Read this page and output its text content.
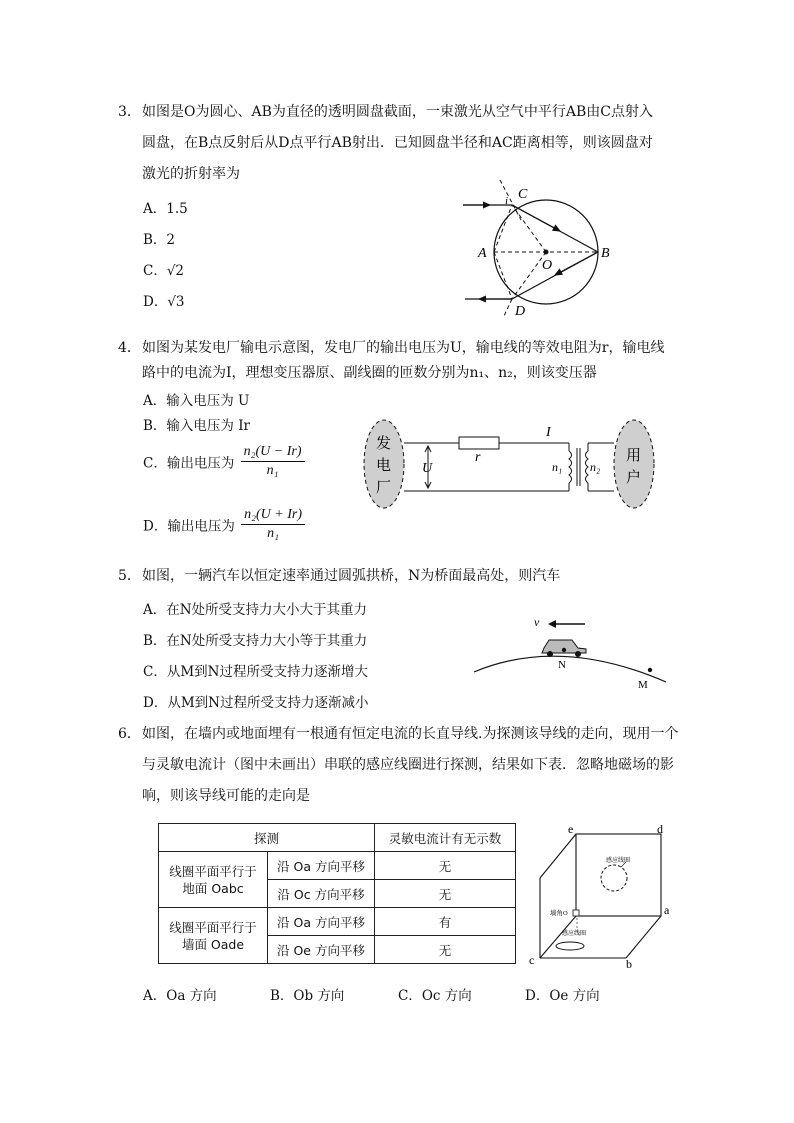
3． 如图是O为圆心、AB为直径的透明圆盘截面，一束激光从空气中平行AB由C点射入
圆盘，在B点反射后从D点平行AB射出．已知圆盘半径和AC距离相等，则该圆盘对
激光的折射率为
A．1.5
B．2
C．√2
D．√3
C
i
A
O
B
D
4． 如图为某发电厂输电示意图，发电厂的输出电压为U，输电线的等效电阻为r，输电线
路中的电流为I，理想变压器原、副线圈的匝数分别为n₁、n₂，则该变压器
A．输入电压为 U
B．输入电压为 Ir
C．输出电压为 $\frac{\text{n₂(U − Ir)}}{\text{n₁}}$
D．输出电压为 $\frac{\text{n₂(U + Ir)}}{\text{n₁}}$
发
电
厂
用
户
U
r
I
n₁ n₂
5． 如图，一辆汽车以恒定速率通过圆弧拱桥，N为桥面最高处，则汽车
A．在N处所受支持力大小大于其重力
B．在N处所受支持力大小等于其重力
C．从M到N过程所受支持力逐渐增大
D．从M到N过程所受支持力逐渐减小
v
N
M
6． 如图，在墙内或地面埋有一根通有恒定电流的长直导线.为探测该导线的走向，现用一个
与灵敏电流计（图中未画出）串联的感应线圈进行探测，结果如下表．忽略地磁场的影
响，则该导线可能的走向是
探测		灵敏电流计有无示数
线圈平面平行于
地面 Oabc	沿 Oa 方向平移	无
	沿 Oc 方向平移	无
线圈平面平行于
墙面 Oade	沿 Oa 方向平移	有
	沿 Oe 方向平移	无
感应线圈
感应线圈
墙角O
e	d
a
b
c
A．Oa 方向	B．Ob 方向	C．Oc 方向	D．Oe 方向
